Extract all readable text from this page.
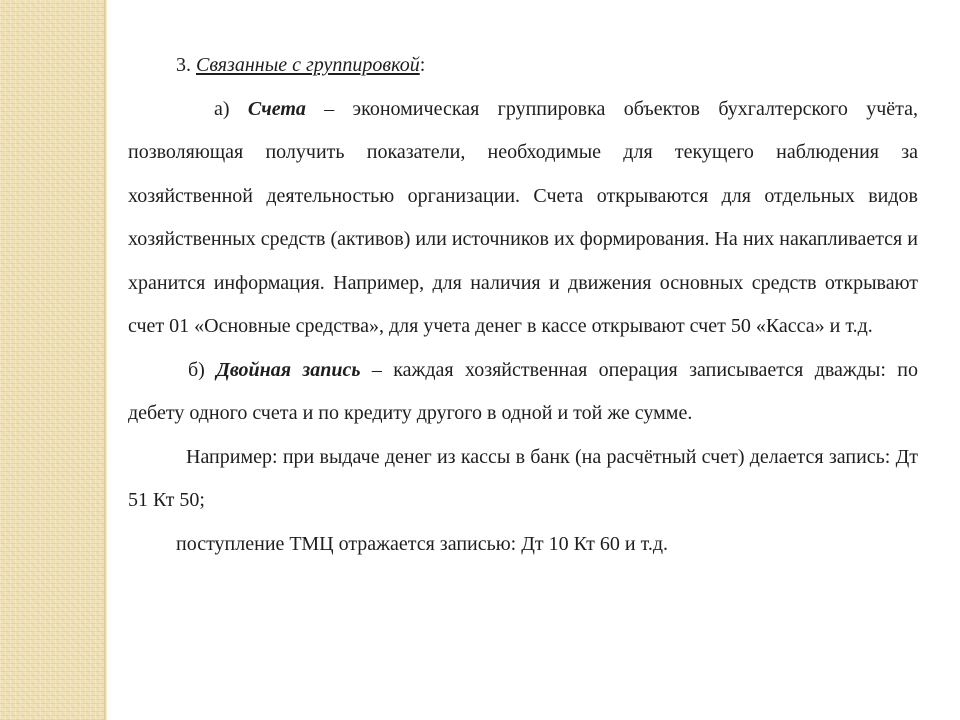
3. Связанные с группировкой:

а) Счета – экономическая группировка объектов бухгалтерского учёта, позволяющая получить показатели, необходимые для текущего наблюдения за хозяйственной деятельностью организации. Счета открываются для отдельных видов хозяйственных средств (активов) или источников их формирования. На них накапливается и хранится информация. Например, для наличия и движения основных средств открывают счет 01 «Основные средства», для учета денег в кассе открывают счет 50 «Касса» и т.д.

б) Двойная запись – каждая хозяйственная операция записывается дважды: по дебету одного счета и по кредиту другого в одной и той же сумме.

Например: при выдаче денег из кассы в банк (на расчётный счет) делается запись: Дт 51 Кт 50;

поступление ТМЦ отражается записью: Дт 10 Кт 60 и т.д.
